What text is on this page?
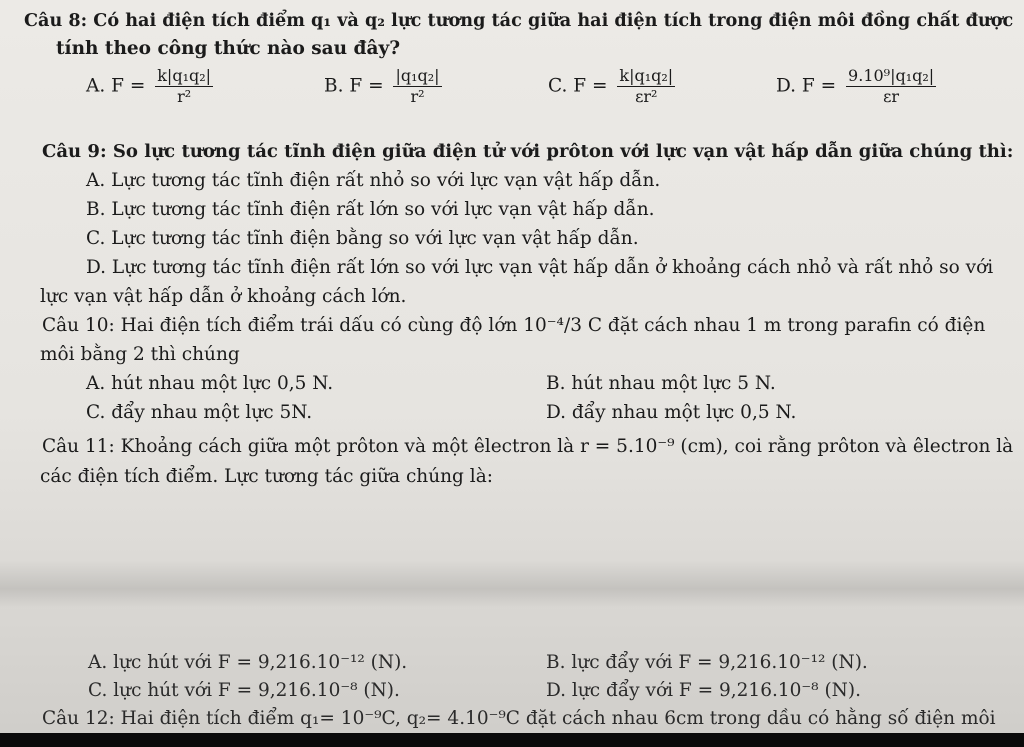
Câu 8: Có hai điện tích điểm q₁ và q₂ lực tương tác giữa hai điện tích trong điện môi đồng chất được
tính theo công thức nào sau đây?
A. $F = \frac{\text{k|q₁q₂|}}{\text{r²}}$	B. $F = \frac{\text{|q₁q₂|}}{\text{r²}}$	C. $F = \frac{\text{k|q₁q₂|}}{\text{εr²}}$	D. $F = \frac{\text{9.10⁹|q₁q₂|}}{\varepsilon r}$
Câu 9: So lực tương tác tĩnh điện giữa điện tử với prôton với lực vạn vật hấp dẫn giữa chúng thì:
A. Lực tương tác tĩnh điện rất nhỏ so với lực vạn vật hấp dẫn.
B. Lực tương tác tĩnh điện rất lớn so với lực vạn vật hấp dẫn.
C. Lực tương tác tĩnh điện bằng so với lực vạn vật hấp dẫn.
D. Lực tương tác tĩnh điện rất lớn so với lực vạn vật hấp dẫn ở khoảng cách nhỏ và rất nhỏ so với
lực vạn vật hấp dẫn ở khoảng cách lớn.
Câu 10: Hai điện tích điểm trái dấu có cùng độ lớn 10⁻⁴/3 C đặt cách nhau 1 m trong parafin có điện
môi bằng 2 thì chúng
A. hút nhau một lực 0,5 N.	B. hút nhau một lực 5 N.
C. đẩy nhau một lực 5N.	D. đẩy nhau một lực 0,5 N.
Câu 11: Khoảng cách giữa một prôton và một êlectron là r = 5.10⁻⁹ (cm), coi rằng prôton và êlectron là
các điện tích điểm. Lực tương tác giữa chúng là:
A. lực hút với F = 9,216.10⁻¹² (N).	B. lực đẩy với F = 9,216.10⁻¹² (N).
C. lực hút với F = 9,216.10⁻⁸ (N).	D. lực đẩy với F = 9,216.10⁻⁸ (N).
Câu 12: Hai điện tích điểm q₁= 10⁻⁹C, q₂= 4.10⁻⁹C đặt cách nhau 6cm trong dầu có hằng số điện môi
